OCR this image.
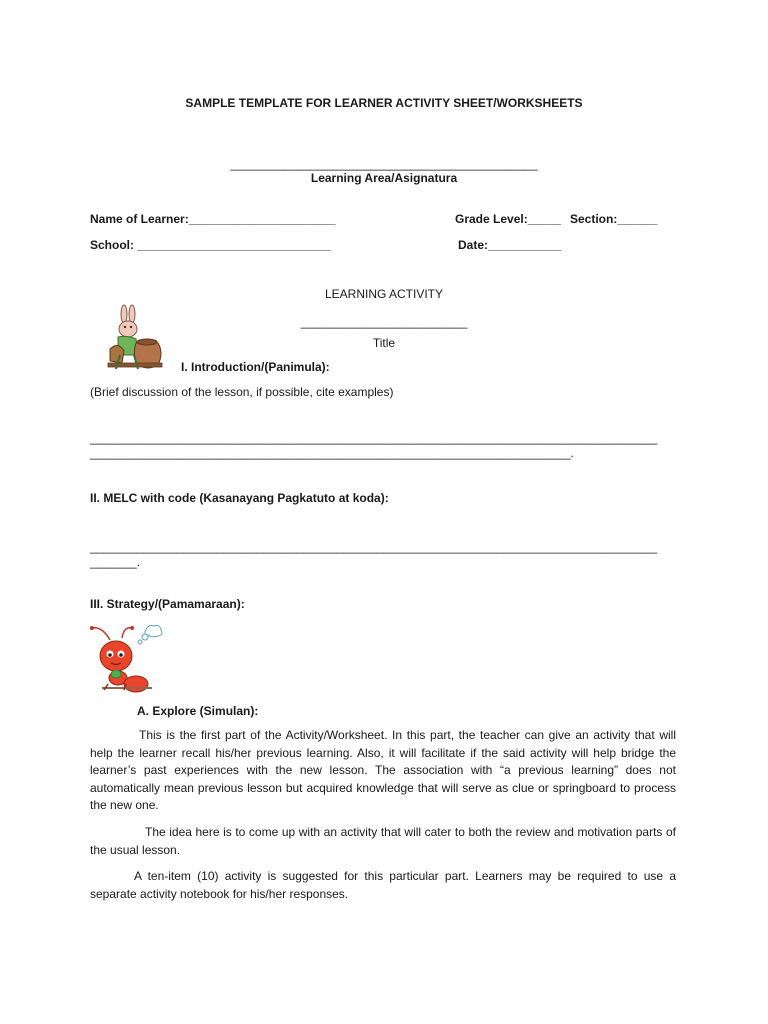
SAMPLE TEMPLATE FOR LEARNER ACTIVITY SHEET/WORKSHEETS
______________________________________________
Learning Area/Asignatura
Name of Learner:______________________	Grade Level:_____ Section:______
School: _____________________________	Date:___________
LEARNING ACTIVITY
_________________________
Title
I. Introduction/(Panimula):
(Brief discussion of the lesson, if possible, cite examples)
_____________________________________________________________________________________
________________________________________________________________________.
II. MELC with code (Kasanayang Pagkatuto at koda):
_____________________________________________________________________________________
_______.
III. Strategy/(Pamamaraan):
A. Explore (Simulan):
This is the first part of the Activity/Worksheet. In this part, the teacher can give an activity that will help the learner recall his/her previous learning. Also, it will facilitate if the said activity will help bridge the learner’s past experiences with the new lesson. The association with “a previous learning” does not automatically mean previous lesson but acquired knowledge that will serve as clue or springboard to process the new one.
The idea here is to come up with an activity that will cater to both the review and motivation parts of the usual lesson.
A ten-item (10) activity is suggested for this particular part. Learners may be required to use a separate activity notebook for his/her responses.
